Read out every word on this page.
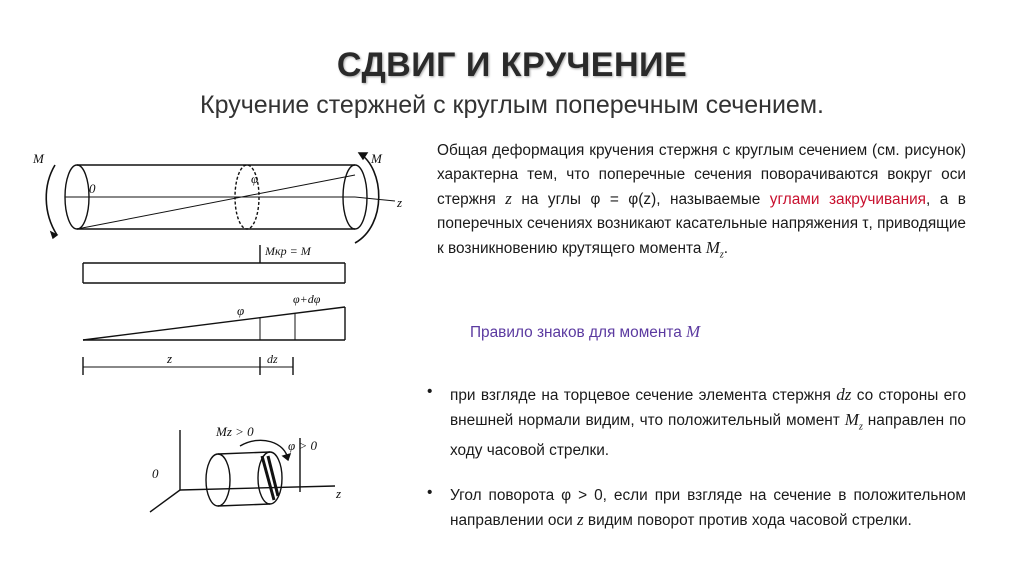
СДВИГ И КРУЧЕНИЕ
Кручение стержней с круглым поперечным сечением.
Общая деформация кручения стержня с круглым сечением (см. рисунок) характерна тем, что поперечные сечения поворачиваются вокруг оси стержня z на углы φ = φ(z), называемые углами закручивания, а в поперечных сечениях возникают касательные напряжения τ, приводящие к возникновению крутящего момента $M_z$.
Правило знаков для момента M
• при взгляде на торцевое сечение элемента стержня dz со стороны его внешней нормали видим, что положительный момент $M_z$ направлен по ходу часовой стрелки.
• Угол поворота φ > 0, если при взгляде на сечение в положительном направлении оси z видим поворот против хода часовой стрелки.
M	M
0
φ
z
Mкр = M
φ
φ+dφ
z	dz
Mz > 0
φ > 0
0
z
